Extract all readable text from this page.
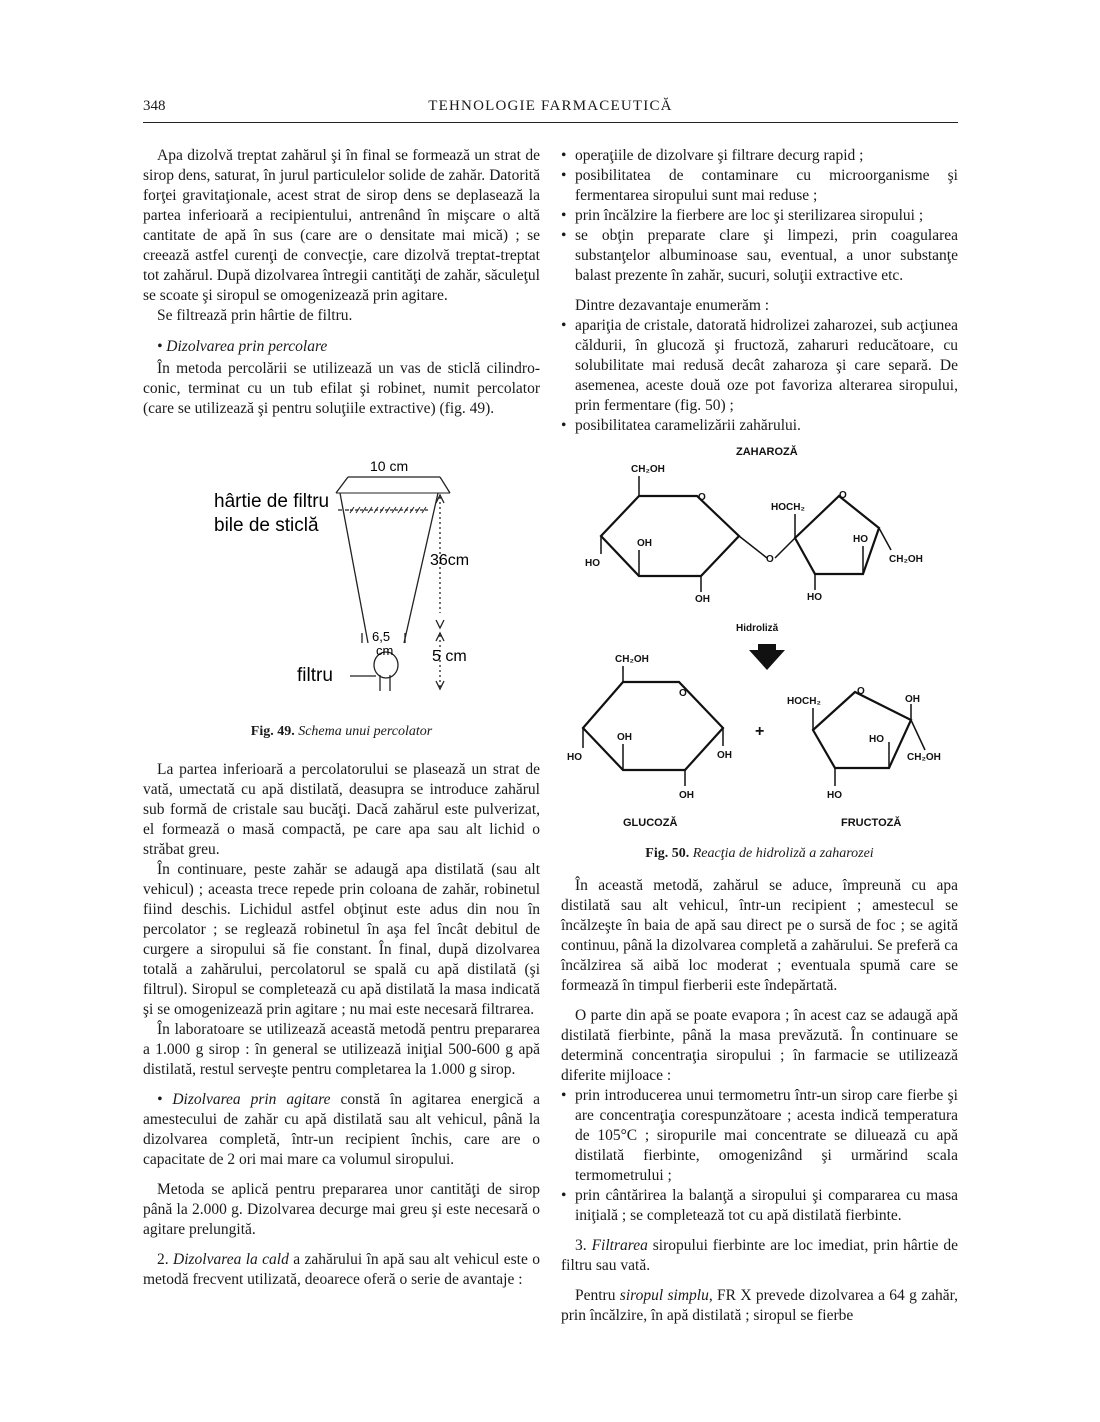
348	TEHNOLOGIE FARMACEUTICĂ

Apa dizolvă treptat zahărul şi în final se formează un strat de sirop dens, saturat, în jurul particulelor solide de zahăr. Datorită forţei gravitaţionale, acest strat de sirop dens se deplasează la partea inferioară a recipientului, antrenând în mişcare o altă cantitate de apă în sus (care are o densitate mai mică) ; se creează astfel curenţi de convecţie, care dizolvă treptat-treptat tot zahărul. După dizolvarea întregii cantităţi de zahăr, săculeţul se scoate şi siropul se omogenizează prin agitare.

Se filtrează prin hârtie de filtru.

• Dizolvarea prin percolare

În metoda percolării se utilizează un vas de sticlă cilindro-conic, terminat cu un tub efilat şi robinet, numit percolator (care se utilizează şi pentru soluţiile extractive) (fig. 49).

10 cm
hârtie de filtru
bile de sticlă
36cm
6,5
cm 5 cm
filtru
Fig. 49. Schema unui percolator

La partea inferioară a percolatorului se plasează un strat de vată, umectată cu apă distilată, deasupra se introduce zahărul sub formă de cristale sau bucăţi. Dacă zahărul este pulverizat, el formează o masă compactă, pe care apa sau alt lichid o străbat greu.

În continuare, peste zahăr se adaugă apa distilată (sau alt vehicul) ; aceasta trece repede prin coloana de zahăr, robinetul fiind deschis. Lichidul astfel obţinut este adus din nou în percolator ; se reglează robinetul în aşa fel încât debitul de curgere a siropului să fie constant. În final, după dizolvarea totală a zahărului, percolatorul se spală cu apă distilată (şi filtrul). Siropul se completează cu apă distilată la masa indicată şi se omogenizează prin agitare ; nu mai este necesară filtrarea.

În laboratoare se utilizează această metodă pentru prepararea a 1.000 g sirop : în general se utilizează iniţial 500-600 g apă distilată, restul serveşte pentru completarea la 1.000 g sirop.

• Dizolvarea prin agitare constă în agitarea energică a amestecului de zahăr cu apă distilată sau alt vehicul, până la dizolvarea completă, într-un recipient închis, care are o capacitate de 2 ori mai mare ca volumul siropului.

Metoda se aplică pentru prepararea unor cantităţi de sirop până la 2.000 g. Dizolvarea decurge mai greu şi este necesară o agitare prelungită.

2. Dizolvarea la cald a zahărului în apă sau alt vehicul este o metodă frecvent utilizată, deoarece oferă o serie de avantaje :

• operaţiile de dizolvare şi filtrare decurg rapid ;
• posibilitatea de contaminare cu microorganisme şi fermentarea siropului sunt mai reduse ;
• prin încălzire la fierbere are loc şi sterilizarea siropului ;
• se obţin preparate clare şi limpezi, prin coagularea substanţelor albuminoase sau, eventual, a unor substanţe balast prezente în zahăr, sucuri, soluţii extractive etc.

Dintre dezavantaje enumerăm :

• apariţia de cristale, datorată hidrolizei zaharozei, sub acţiunea căldurii, în glucoză şi fructoză, zaharuri reducătoare, cu solubilitate mai redusă decât zaharoza şi care separă. De asemenea, aceste două oze pot favoriza alterarea siropului, prin fermentare (fig. 50) ;
• posibilitatea caramelizării zahărului.
ZAHAROZĂ
Hidroliză
CH₂OH
O
OH
HO
OH
O
HOCH₂
O
HO
CH₂OH
HO
CH₂OH
O
OH
HO	OH
OH
HOCH₂
O
OH
HO
CH₂OH
HO
GLUCOZĂ	FRUCTOZĂ
+
Fig. 50. Reacţia de hidroliză a zaharozei

În această metodă, zahărul se aduce, împreună cu apa distilată sau alt vehicul, într-un recipient ; amestecul se încălzeşte în baia de apă sau direct pe o sursă de foc ; se agită continuu, până la dizolvarea completă a zahărului. Se preferă ca încălzirea să aibă loc moderat ; eventuala spumă care se formează în timpul fierberii este îndepărtată.

O parte din apă se poate evapora ; în acest caz se adaugă apă distilată fierbinte, până la masa prevăzută. În continuare se determină concentraţia siropului ; în farmacie se utilizează diferite mijloace :

• prin introducerea unui termometru într-un sirop care fierbe şi are concentraţia corespunzătoare ; acesta indică temperatura de 105°C ; siropurile mai concentrate se diluează cu apă distilată fierbinte, omogenizând şi urmărind scala termometrului ;
• prin cântărirea la balanţă a siropului şi compararea cu masa iniţială ; se completează tot cu apă distilată fierbinte.

3. Filtrarea siropului fierbinte are loc imediat, prin hârtie de filtru sau vată.

Pentru siropul simplu, FR X prevede dizolvarea a 64 g zahăr, prin încălzire, în apă distilată ; siropul se fierbe
